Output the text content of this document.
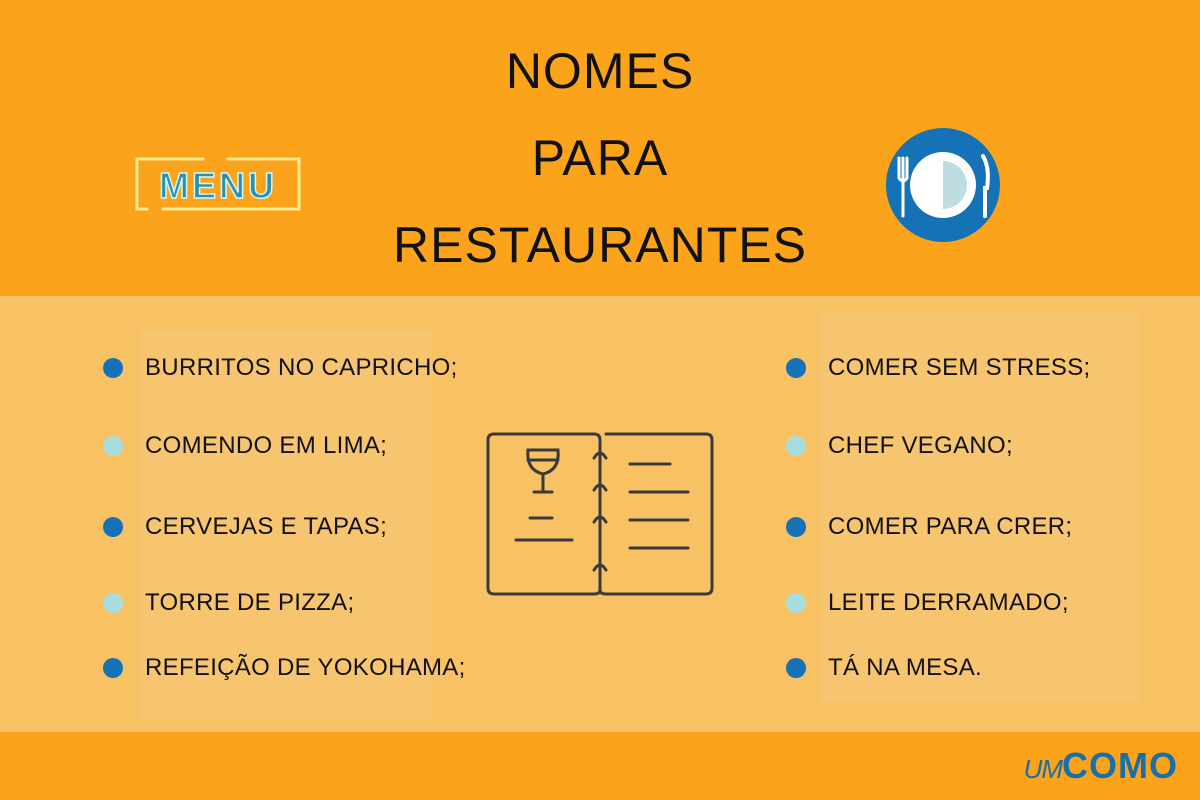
NOMES
PARA
RESTAURANTES
MENU
BURRITOS NO CAPRICHO;
COMENDO EM LIMA;
CERVEJAS E TAPAS;
TORRE DE PIZZA;
REFEIÇÃO DE YOKOHAMA;
COMER SEM STRESS;
CHEF VEGANO;
COMER PARA CRER;
LEITE DERRAMADO;
TÁ NA MESA.
UM COMO
